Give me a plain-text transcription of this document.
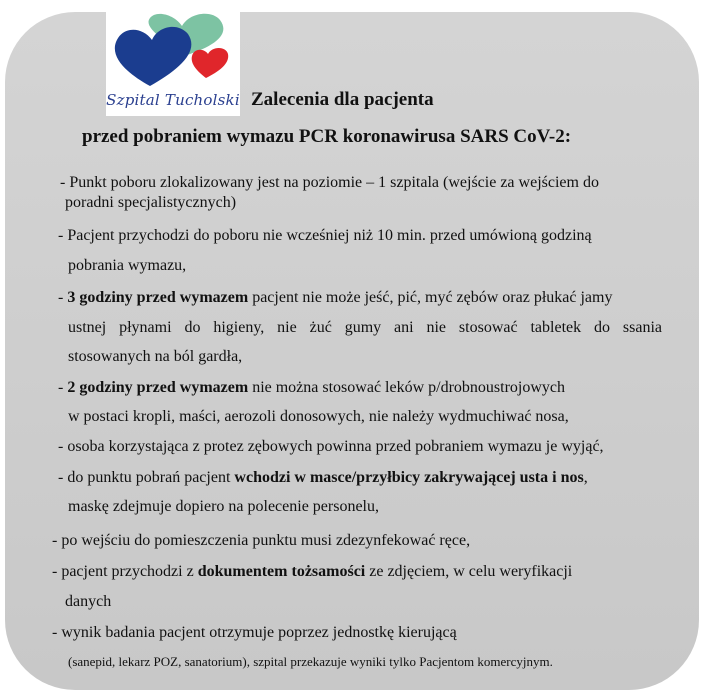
Szpital Tucholski Zalecenia dla pacjenta
przed pobraniem wymazu PCR koronawirusa SARS CoV-2:
- Punkt poboru zlokalizowany jest na poziomie – 1 szpitala (wejście za wejściem do
poradni specjalistycznych)
- Pacjent przychodzi do poboru nie wcześniej niż 10 min. przed umówioną godziną
pobrania wymazu,
- 3 godziny przed wymazem pacjent nie może jeść, pić, myć zębów oraz płukać jamy
ustnej płynami do higieny, nie żuć gumy ani nie stosować tabletek do ssania
stosowanych na ból gardła,
- 2 godziny przed wymazem nie można stosować leków p/drobnoustrojowych
w postaci kropli, maści, aerozoli donosowych, nie należy wydmuchiwać nosa,
- osoba korzystająca z protez zębowych powinna przed pobraniem wymazu je wyjąć,
- do punktu pobrań pacjent wchodzi w masce/przyłbicy zakrywającej usta i nos,
maskę zdejmuje dopiero na polecenie personelu,
- po wejściu do pomieszczenia punktu musi zdezynfekować ręce,
- pacjent przychodzi z dokumentem tożsamości ze zdjęciem, w celu weryfikacji
danych
- wynik badania pacjent otrzymuje poprzez jednostkę kierującą
(sanepid, lekarz POZ, sanatorium), szpital przekazuje wyniki tylko Pacjentom komercyjnym.
